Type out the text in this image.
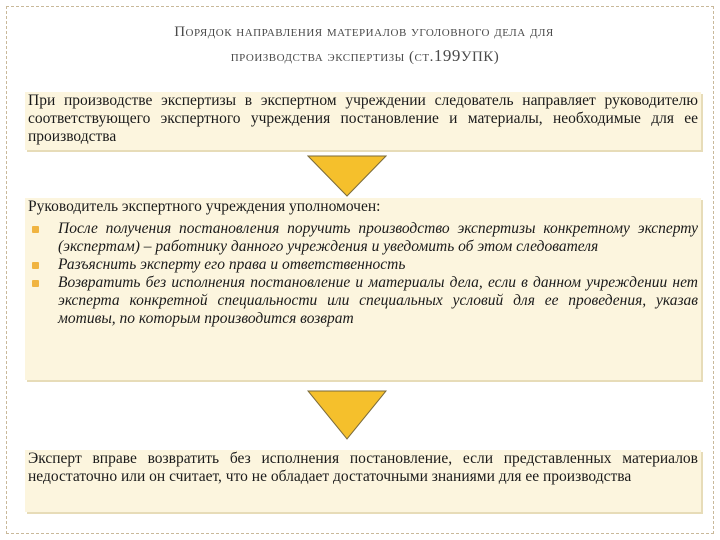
Порядок направления материалов уголовного дела для
производства экспертизы (ст.199УПК)

При производстве экспертизы в экспертном учреждении следователь направляет руководителю соответствующего экспертного учреждения постановление и материалы, необходимые для ее производства

Руководитель экспертного учреждения уполномочен:

После получения постановления поручить производство экспертизы конкретному эксперту (экспертам) – работнику данного учреждения и уведомить об этом следователя
Разъяснить эксперту его права и ответственность
Возвратить без исполнения постановление и материалы дела, если в данном учреждении нет эксперта конкретной специальности или специальных условий для ее проведения, указав мотивы, по которым производится возврат

Эксперт вправе возвратить без исполнения постановление, если представленных материалов недостаточно или он считает, что не обладает достаточными знаниями для ее производства
